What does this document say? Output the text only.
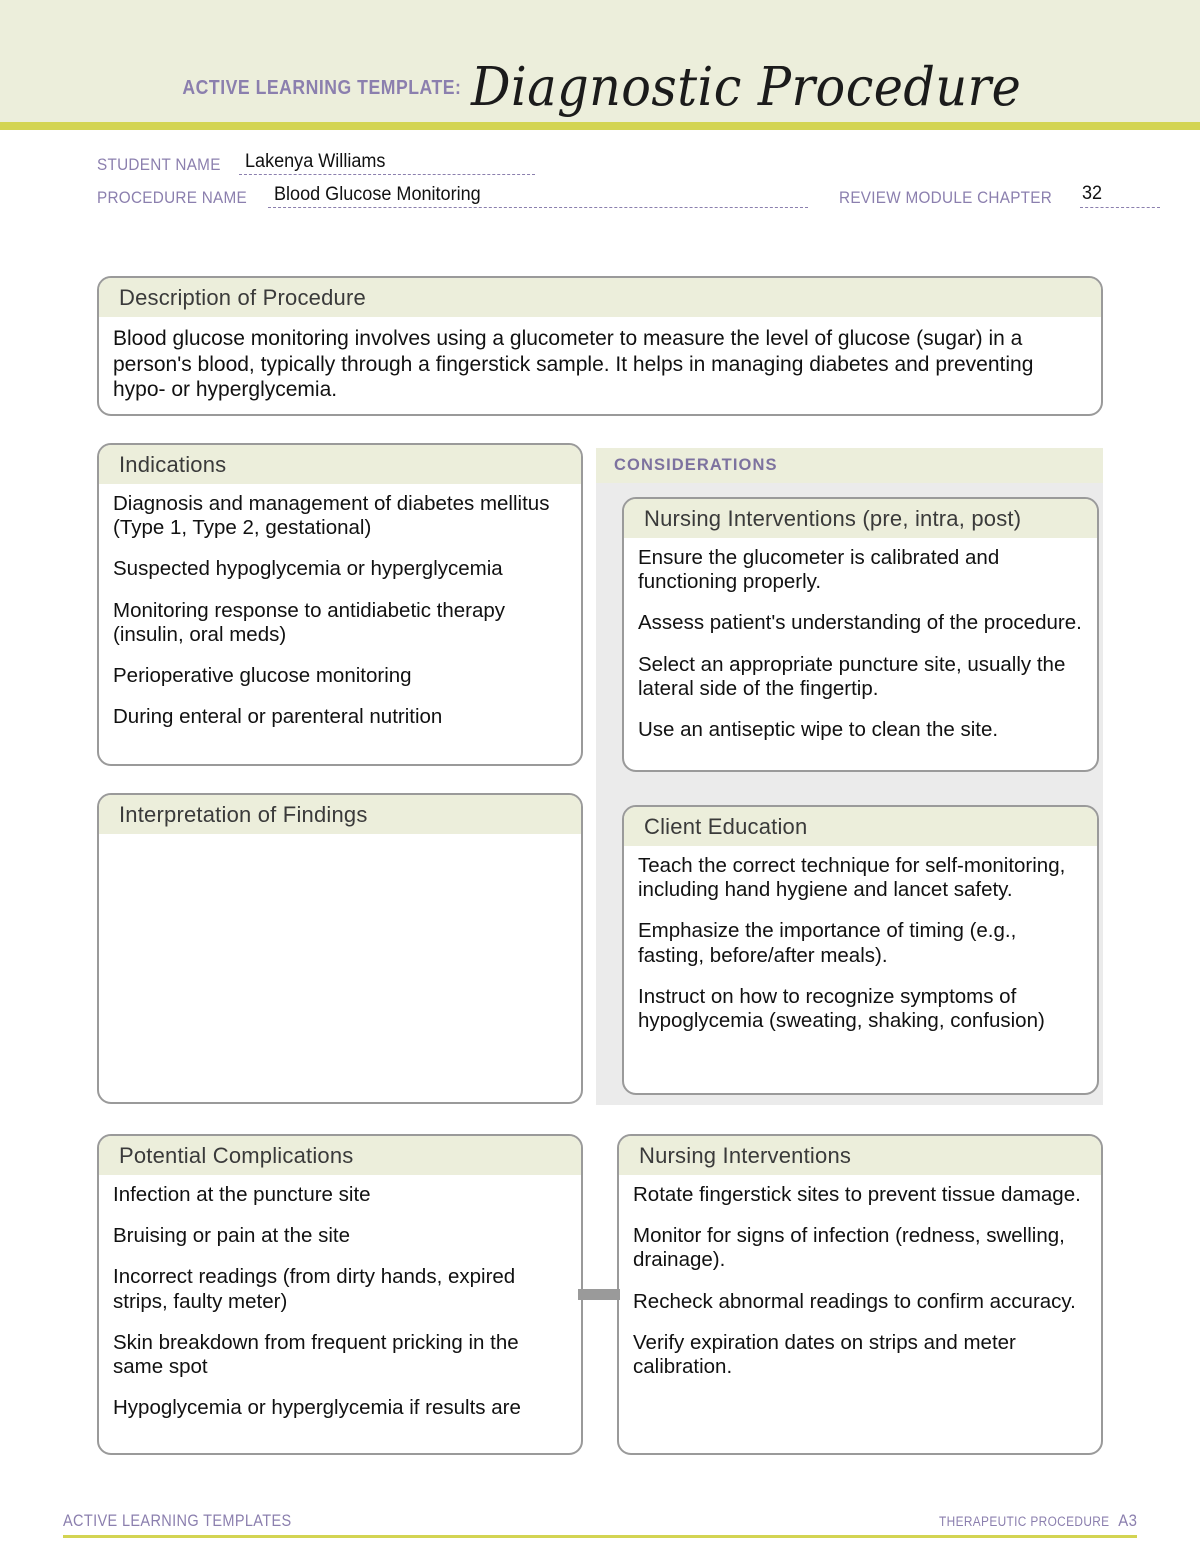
ACTIVE LEARNING TEMPLATE: Diagnostic Procedure
STUDENT NAME Lakenya Williams
PROCEDURE NAME Blood Glucose Monitoring	REVIEW MODULE CHAPTER 32
Description of Procedure

Blood glucose monitoring involves using a glucometer to measure the level of glucose (sugar) in a person's blood, typically through a fingerstick sample. It helps in managing diabetes and preventing hypo- or hyperglycemia.

Indications

Diagnosis and management of diabetes mellitus (Type 1, Type 2, gestational)

Suspected hypoglycemia or hyperglycemia

Monitoring response to antidiabetic therapy (insulin, oral meds)

Perioperative glucose monitoring

During enteral or parenteral nutrition

Interpretation of Findings
CONSIDERATIONS
Nursing Interventions (pre, intra, post)

Ensure the glucometer is calibrated and functioning properly.

Assess patient's understanding of the procedure.

Select an appropriate puncture site, usually the lateral side of the fingertip.

Use an antiseptic wipe to clean the site.

Client Education

Teach the correct technique for self-monitoring, including hand hygiene and lancet safety.

Emphasize the importance of timing (e.g., fasting, before/after meals).

Instruct on how to recognize symptoms of hypoglycemia (sweating, shaking, confusion)

Potential Complications

Infection at the puncture site

Bruising or pain at the site

Incorrect readings (from dirty hands, expired strips, faulty meter)

Skin breakdown from frequent pricking in the same spot

Hypoglycemia or hyperglycemia if results are

Nursing Interventions

Rotate fingerstick sites to prevent tissue damage.

Monitor for signs of infection (redness, swelling, drainage).

Recheck abnormal readings to confirm accuracy.

Verify expiration dates on strips and meter calibration.

ACTIVE LEARNING TEMPLATES	THERAPEUTIC PROCEDURE A3
